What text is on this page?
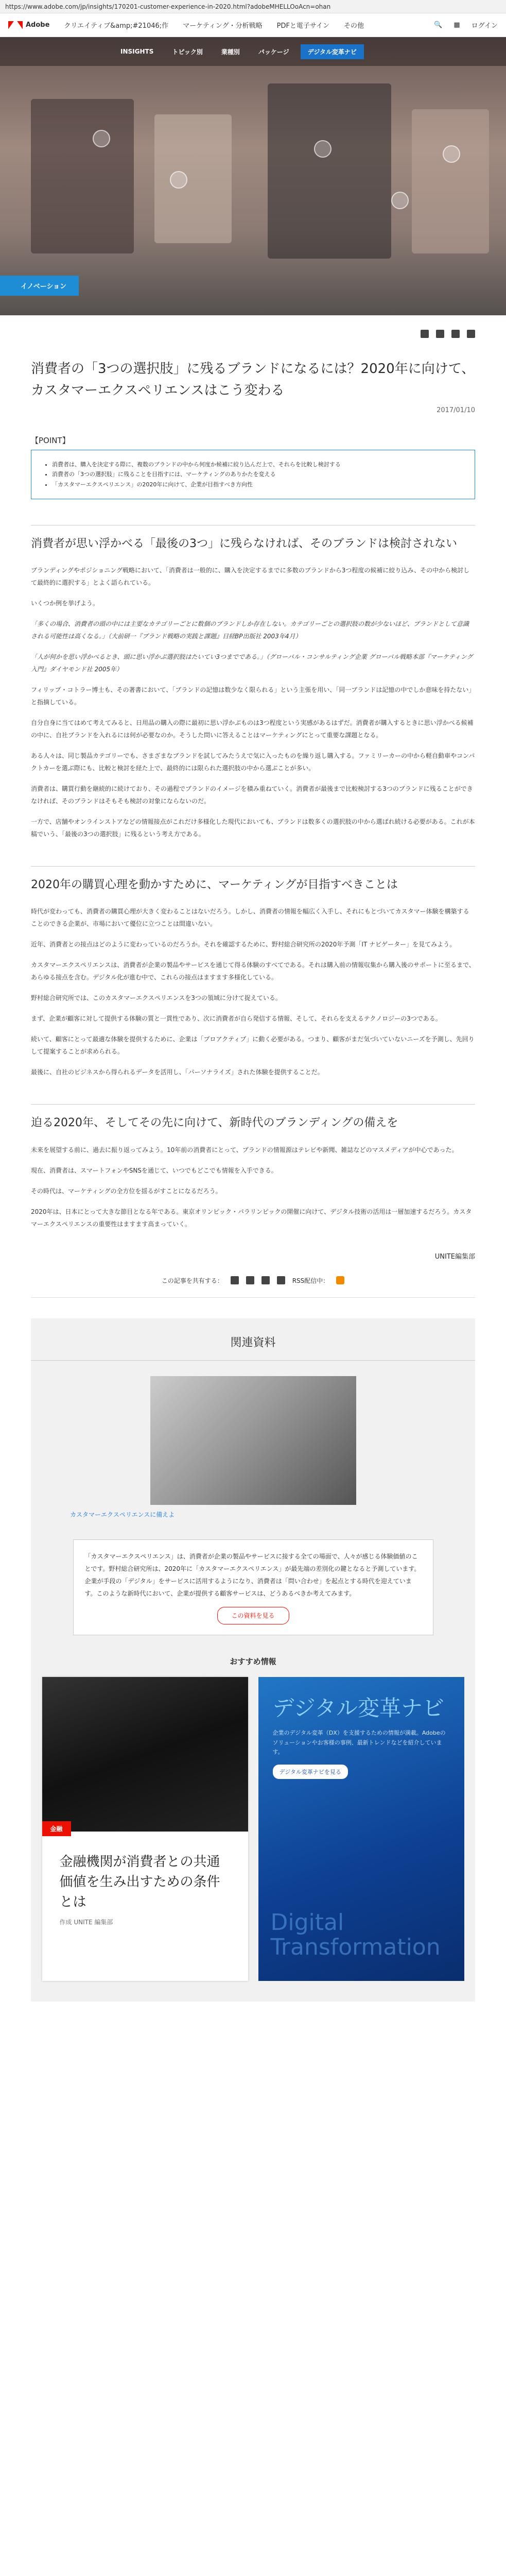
https://www.adobe.com/jp/insights/170201-customer-experience-in-2020.html?adobeMHELLOoAcn=ohan
Adobe クリエイティブ&amp;#21046;作 マーケティング・分析戦略 PDFと電子サイン その他	🔍 ▦ ログイン
INSIGHTS	トピック別	業種別	パッケージ	デジタル変革ナビ
イノベーション
消費者の「3つの選択肢」に残るブランドになるには？2020年に向けて、カスタマーエクスペリエンスはこう変わる
2017/01/10
【POINT】
• 消費者は、購入を決定する際に、複数のブランドの中から何度か候補に絞り込んだ上で、それらを比較し検討する
• 消費者の「3つの選択肢」に残ることを目指すには、マーケティングのありかたを変える
• 「カスタマーエクスペリエンス」の2020年に向けて、企業が目指すべき方向性
消費者が思い浮かべる「最後の3つ」に残らなければ、そのブランドは検討されない

ブランディングやポジショニング戦略において、「消費者は一般的に、購入を決定するまでに多数のブランドから3つ程度の候補に絞り込み、その中から検討して最終的に選択する」とよく語られている。

いくつか例を挙げよう。

「多くの場合、消費者の頭の中には主要なカテゴリーごとに数個のブランドしか存在しない。カテゴリーごとの選択肢の数が少ないほど、ブランドとして意識される可能性は高くなる。」（大前研一『ブランド戦略の実践と課題』日経BP出版社 2003年4月）

「人が何かを思い浮かべるとき、頭に思い浮かぶ選択肢はたいてい3つまでである。」（グローバル・コンサルティング企業 グローバル戦略本部『マーケティング入門』ダイヤモンド社 2005年）

フィリップ・コトラー博士も、その著書において、「ブランドの記憶は数少なく限られる」という主張を用い、「同一ブランドは記憶の中でしか意味を持たない」と指摘している。

自分自身に当てはめて考えてみると、日用品の購入の際に最初に思い浮かぶものは3つ程度という実感があるはずだ。消費者が購入するときに思い浮かべる候補の中に、自社ブランドを入れるには何が必要なのか。そうした問いに答えることはマーケティングにとって重要な課題となる。

ある人々は、同じ製品カテゴリーでも、さまざまなブランドを試してみたうえで気に入ったものを繰り返し購入する。ファミリーカーの中から軽自動車やコンパクトカーを選ぶ際にも、比較と検討を経た上で、最終的には限られた選択肢の中から選ぶことが多い。

消費者は、購買行動を継続的に続けており、その過程でブランドのイメージを積み重ねていく。消費者が最後まで比較検討する3つのブランドに残ることができなければ、そのブランドはそもそも検討の対象にならないのだ。

一方で、店舗やオンラインストアなどの情報接点がこれだけ多様化した現代においても、ブランドは数多くの選択肢の中から選ばれ続ける必要がある。これが本稿でいう、「最後の3つの選択肢」に残るという考え方である。

2020年の購買心理を動かすために、マーケティングが目指すべきことは

時代が変わっても、消費者の購買心理が大きく変わることはないだろう。しかし、消費者の情報を幅広く入手し、それにもとづいてカスタマー体験を構築することのできる企業が、市場において優位に立つことは間違いない。

近年、消費者との接点はどのように変わっているのだろうか。それを確認するために、野村総合研究所の2020年予測「IT ナビゲーター」を見てみよう。

カスタマーエクスペリエンスは、消費者が企業の製品やサービスを通じて得る体験のすべてである。それは購入前の情報収集から購入後のサポートに至るまで、あらゆる接点を含む。デジタル化が進む中で、これらの接点はますます多様化している。

野村総合研究所では、このカスタマーエクスペリエンスを3つの領域に分けて捉えている。

まず、企業が顧客に対して提供する体験の質と一貫性であり、次に消費者が自ら発信する情報、そして、それらを支えるテクノロジーの3つである。

続いて、顧客にとって最適な体験を提供するために、企業は「プロアクティブ」に動く必要がある。つまり、顧客がまだ気づいていないニーズを予測し、先回りして提案することが求められる。

最後に、自社のビジネスから得られるデータを活用し、「パーソナライズ」された体験を提供することだ。

迫る2020年、そしてその先に向けて、新時代のブランディングの備えを

未来を展望する前に、過去に振り返ってみよう。10年前の消費者にとって、ブランドの情報源はテレビや新聞、雑誌などのマスメディアが中心であった。

現在、消費者は、スマートフォンやSNSを通じて、いつでもどこでも情報を入手できる。

その時代は、マーケティングの全方位を揺るがすことになるだろう。

2020年は、日本にとって大きな節目となる年である。東京オリンピック・パラリンピックの開催に向けて、デジタル技術の活用は一層加速するだろう。カスタマーエクスペリエンスの重要性はますます高まっていく。

UNITE編集部
この記事を共有する：	RSS配信中：
関連資料
カスタマーエクスペリエンスに備えよ
「カスタマーエクスペリエンス」は、消費者が企業の製品やサービスに接する全ての場面で、人々が感じる体験価値のことです。野村総合研究所は、2020年に「カスタマーエクスペリエンス」が最先端の差別化の鍵となると予測しています。企業が手段の「デジタル」をサービスに活用するようになり、消費者は「問い合わせ」を起点とする時代を迎えています。このような新時代において、企業が提供する顧客サービスは、どうあるべきか考えてみます。
この資料を見る
おすすめ情報
金融
金融機関が消費者との共通価値を生み出すための条件とは
作成 UNITE 編集部
デジタル変革ナビ
企業のデジタル変革（DX）を支援するための情報が満載。Adobeのソリューションやお客様の事例、最新トレンドなどを紹介しています。
デジタル変革ナビを見る
Digital Transformation
